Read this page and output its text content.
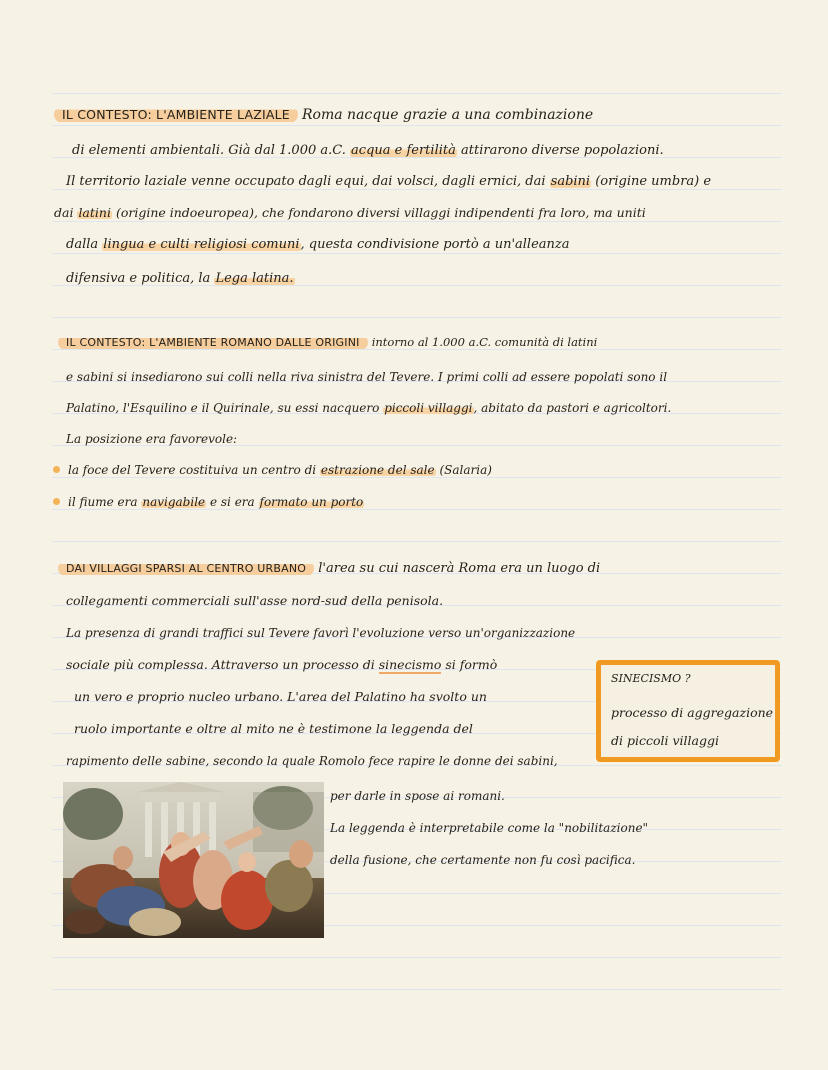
IL CONTESTO: L'AMBIENTE LAZIALE Roma nacque grazie a una combinazione
di elementi ambientali. Già dal 1.000 a.C. acqua e fertilità attirarono diverse popolazioni.
Il territorio laziale venne occupato dagli equi, dai volsci, dagli ernici, dai sabini (origine umbra) e
dai latini (origine indoeuropea), che fondarono diversi villaggi indipendenti fra loro, ma uniti
dalla lingua e culti religiosi comuni, questa condivisione portò a un'alleanza
difensiva e politica, la Lega latina.
IL CONTESTO: L'AMBIENTE ROMANO DALLE ORIGINI intorno al 1.000 a.C. comunità di latini
e sabini si insediarono sui colli nella riva sinistra del Tevere. I primi colli ad essere popolati sono il
Palatino, l'Esquilino e il Quirinale, su essi nacquero piccoli villaggi, abitato da pastori e agricoltori.
La posizione era favorevole:
la foce del Tevere costituiva un centro di estrazione del sale (Salaria)
il fiume era navigabile e si era formato un porto
DAI VILLAGGI SPARSI AL CENTRO URBANO l'area su cui nascerà Roma era un luogo di
collegamenti commerciali sull'asse nord-sud della penisola.
La presenza di grandi traffici sul Tevere favorì l'evoluzione verso un'organizzazione
sociale più complessa. Attraverso un processo di sinecismo si formò
un vero e proprio nucleo urbano. L'area del Palatino ha svolto un
ruolo importante e oltre al mito ne è testimone la leggenda del
rapimento delle sabine, secondo la quale Romolo fece rapire le donne dei sabini,
per darle in spose ai romani.
La leggenda è interpretabile come la "nobilitazione"
della fusione, che certamente non fu così pacifica.
SINECISMO ?
processo di aggregazione
di piccoli villaggi
